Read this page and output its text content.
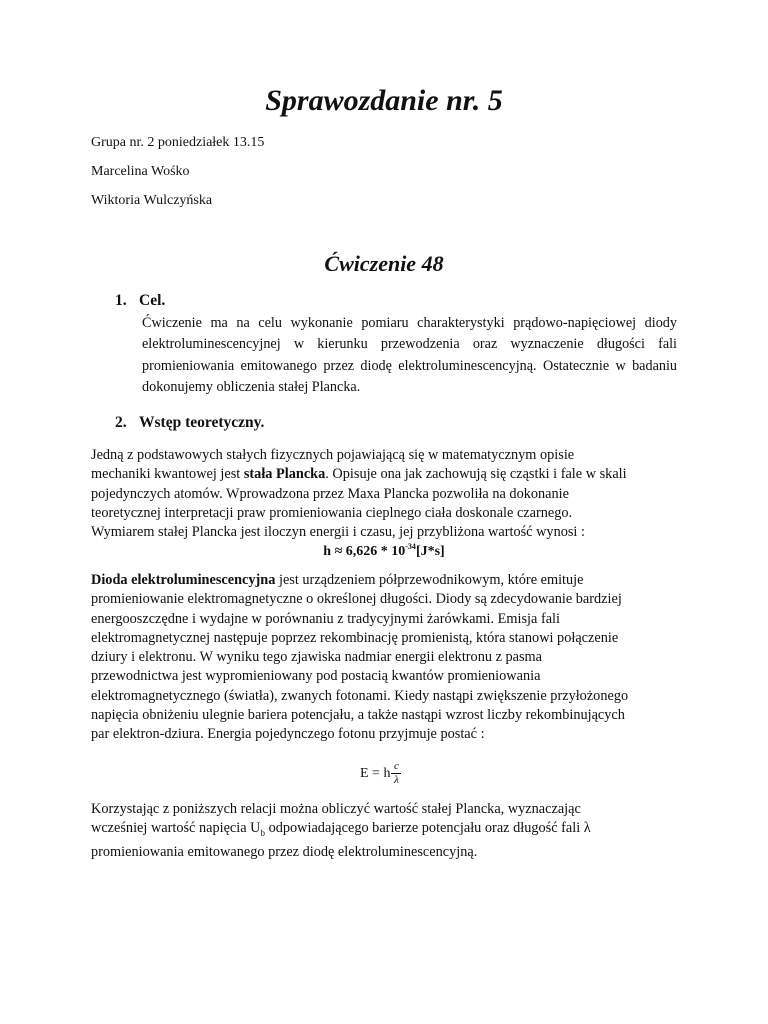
Sprawozdanie nr. 5
Grupa nr. 2 poniedziałek 13.15
Marcelina Wośko
Wiktoria Wulczyńska
Ćwiczenie 48
1. Cel.
Ćwiczenie ma na celu wykonanie pomiaru charakterystyki prądowo-napięciowej diody elektroluminescencyjnej w kierunku przewodzenia oraz wyznaczenie długości fali promieniowania emitowanego przez diodę elektroluminescencyjną. Ostatecznie w badaniu dokonujemy obliczenia stałej Plancka.
2. Wstęp teoretyczny.
Jedną z podstawowych stałych fizycznych pojawiającą się w matematycznym opisie
mechaniki kwantowej jest stała Plancka. Opisuje ona jak zachowują się cząstki i fale w skali
pojedynczych atomów. Wprowadzona przez Maxa Plancka pozwoliła na dokonanie
teoretycznej interpretacji praw promieniowania cieplnego ciała doskonale czarnego.
Wymiarem stałej Plancka jest iloczyn energii i czasu, jej przybliżona wartość wynosi :
$h \approx 6,626 * 10^{-34}[J*s]$
Dioda elektroluminescencyjna jest urządzeniem półprzewodnikowym, które emituje
promieniowanie elektromagnetyczne o określonej długości. Diody są zdecydowanie bardziej
energooszczędne i wydajne w porównaniu z tradycyjnymi żarówkami. Emisja fali
elektromagnetycznej następuje poprzez rekombinację promienistą, która stanowi połączenie
dziury i elektronu. W wyniku tego zjawiska nadmiar energii elektronu z pasma
przewodnictwa jest wypromieniowany pod postacią kwantów promieniowania
elektromagnetycznego (światła), zwanych fotonami. Kiedy nastąpi zwiększenie przyłożonego
napięcia obniżeniu ulegnie bariera potencjału, a także nastąpi wzrost liczby rekombinujących
par elektron-dziura. Energia pojedynczego fotonu przyjmuje postać :
E = h $\frac{c}{\lambda}$
Korzystając z poniższych relacji można obliczyć wartość stałej Plancka, wyznaczając
wcześniej wartość napięcia $U_b$ odpowiadającego barierze potencjału oraz długość fali λ
promieniowania emitowanego przez diodę elektroluminescencyjną.
